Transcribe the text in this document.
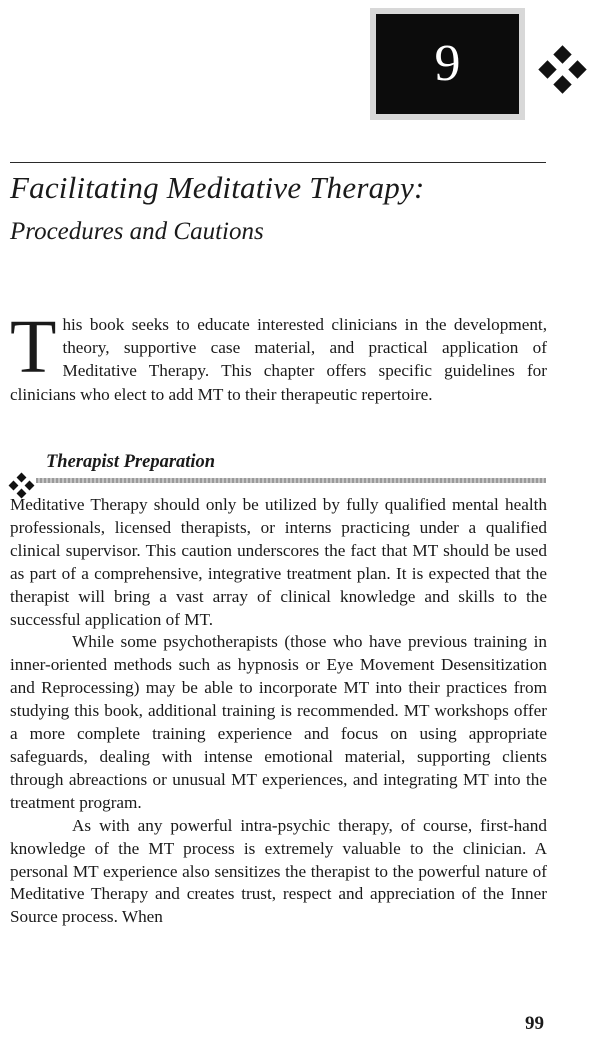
9
Facilitating Meditative Therapy:
Procedures and Cautions

This book seeks to educate interested clinicians in the development, theory, supportive case material, and practical application of Meditative Therapy. This chapter offers specific guidelines for clinicians who elect to add MT to their therapeutic repertoire.

Therapist Preparation

Meditative Therapy should only be utilized by fully qualified mental health professionals, licensed therapists, or interns practicing under a qualified clinical supervisor. This caution underscores the fact that MT should be used as part of a comprehensive, integrative treatment plan. It is expected that the therapist will bring a vast array of clinical knowledge and skills to the successful application of MT.

While some psychotherapists (those who have previous training in inner-oriented methods such as hypnosis or Eye Movement Desensitization and Reprocessing) may be able to incorporate MT into their practices from studying this book, additional training is recommended. MT workshops offer a more complete training experience and focus on using appropriate safeguards, dealing with intense emotional material, supporting clients through abreactions or unusual MT experiences, and integrating MT into the treatment program.

As with any powerful intra-psychic therapy, of course, first-hand knowledge of the MT process is extremely valuable to the clinician. A personal MT experience also sensitizes the therapist to the powerful nature of Meditative Therapy and creates trust, respect and appreciation of the Inner Source process. When

99
